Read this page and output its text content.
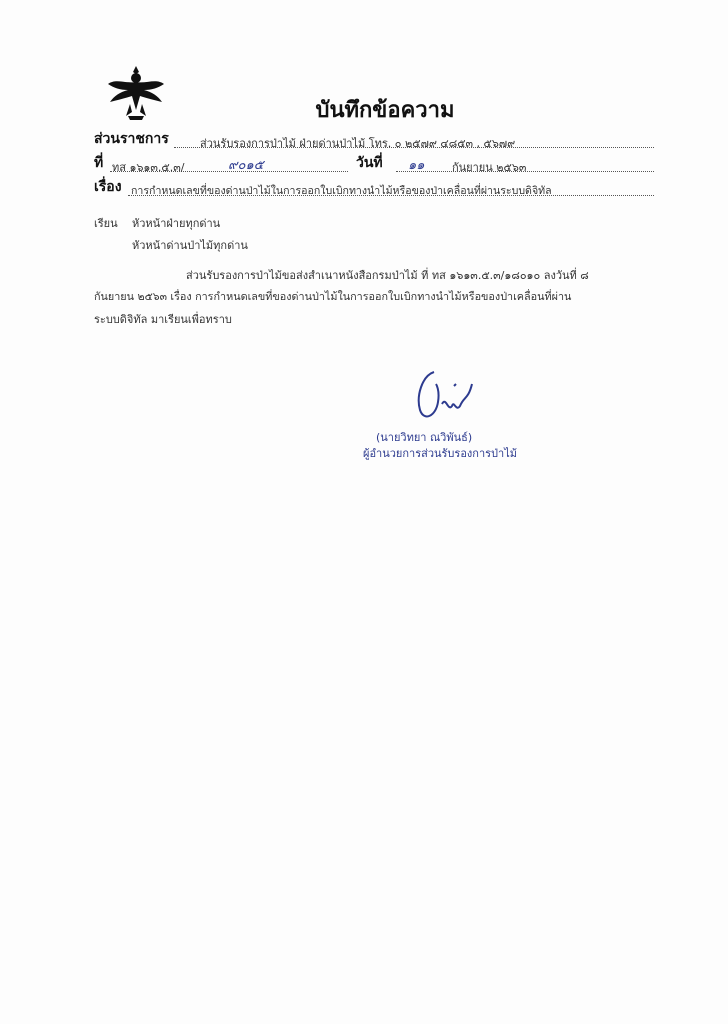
บันทึกข้อความ
ส่วนราชการ	ส่วนรับรองการป่าไม้ ฝ่ายด่านป่าไม้ โทร. ๐ ๒๕๗๙ ๔๘๕๓ , ๕๖๗๙
ที่ ทส ๑๖๑๓.๕.๓/	๙๐๑๕	วันที่ ๑๑ กันยายน ๒๕๖๓
เรื่อง การกำหนดเลขที่ของด่านป่าไม้ในการออกใบเบิกทางนำไม้หรือของป่าเคลื่อนที่ผ่านระบบดิจิทัล
เรียน หัวหน้าฝ่ายทุกด่าน
หัวหน้าด่านป่าไม้ทุกด่าน
ส่วนรับรองการป่าไม้ขอส่งสำเนาหนังสือกรมป่าไม้ ที่ ทส ๑๖๑๓.๕.๓/๑๘๐๑๐ ลงวันที่ ๘
กันยายน ๒๕๖๓ เรื่อง การกำหนดเลขที่ของด่านป่าไม้ในการออกใบเบิกทางนำไม้หรือของป่าเคลื่อนที่ผ่าน
ระบบดิจิทัล มาเรียนเพื่อทราบ
(นายวิทยา ณวิพันธ์)
ผู้อำนวยการส่วนรับรองการป่าไม้
